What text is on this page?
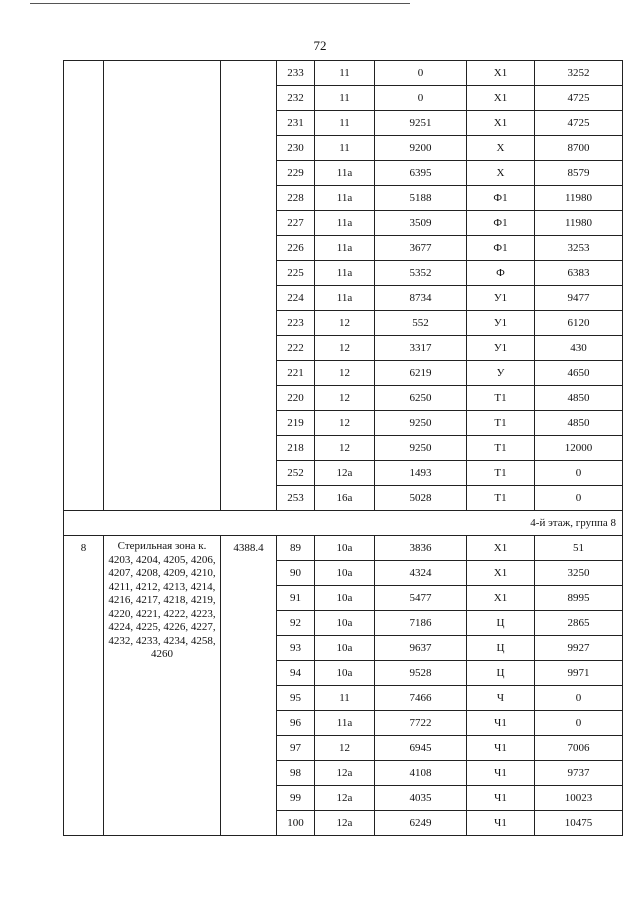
72
			233	11	0	X1	3252
			232	11	0	X1	4725
			231	11	9251	X1	4725
			230	11	9200	X	8700
			229	11a	6395	X	8579
			228	11a	5188	Ф1	11980
			227	11a	3509	Ф1	11980
			226	11a	3677	Ф1	3253
			225	11a	5352	Ф	6383
			224	11a	8734	У1	9477
			223	12	552	У1	6120
			222	12	3317	У1	430
			221	12	6219	У	4650
			220	12	6250	Т1	4850
			219	12	9250	Т1	4850
			218	12	9250	Т1	12000
			252	12a	1493	Т1	0
			253	16a	5028	Т1	0
4-й этаж, группа 8							
8	Стерильная зона к. 4203, 4204, 4205, 4206, 4207, 4208, 4209, 4210, 4211, 4212, 4213, 4214, 4216, 4217, 4218, 4219, 4220, 4221, 4222, 4223, 4224, 4225, 4226, 4227, 4232, 4233, 4234, 4258, 4260	4388.4	89	10a	3836	X1	51
			90	10a	4324	X1	3250
			91	10a	5477	X1	8995
			92	10a	7186	Ц	2865
			93	10a	9637	Ц	9927
			94	10a	9528	Ц	9971
			95	11	7466	Ч	0
			96	11a	7722	Ч1	0
			97	12	6945	Ч1	7006
			98	12a	4108	Ч1	9737
			99	12a	4035	Ч1	10023
			100	12a	6249	Ч1	10475
